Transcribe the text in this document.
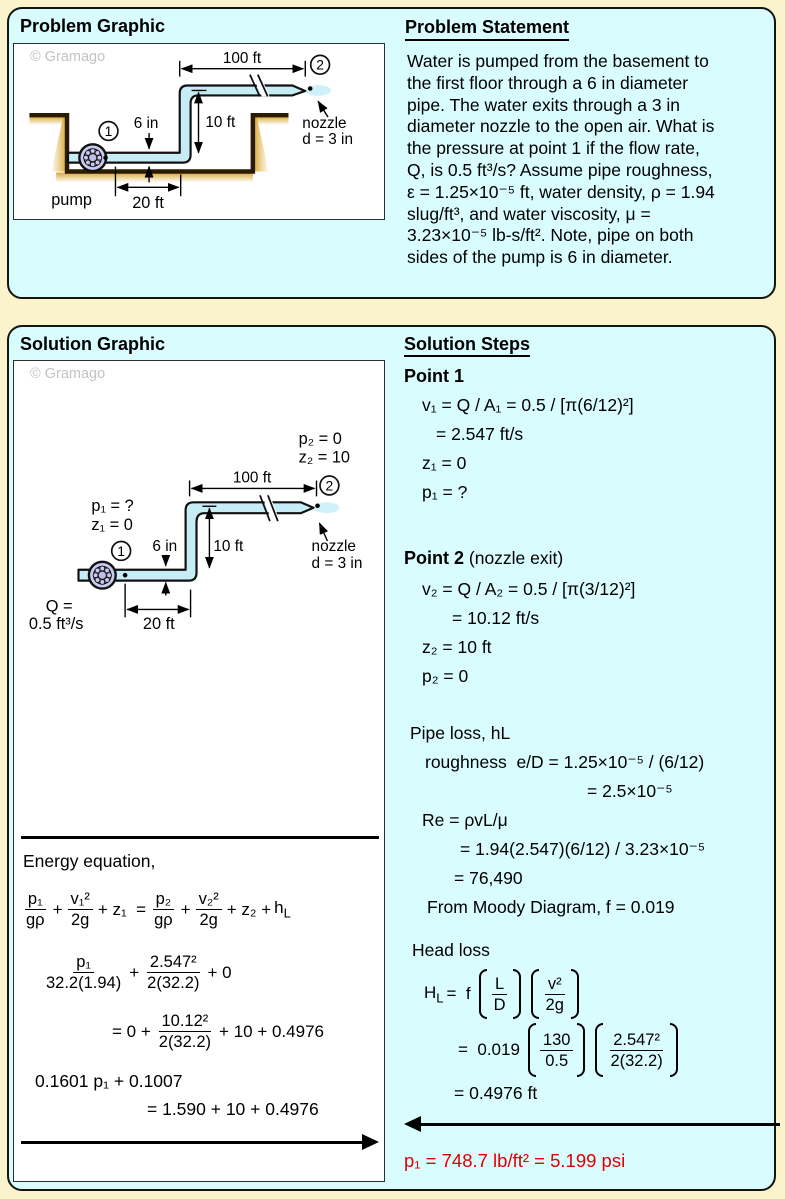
Problem Graphic
© Gramago	2
1
100 ft
6 in	10 ft	nozzle
d = 3 in
pump 20 ft
Problem Statement
Water is pumped from the basement to
the first floor through a 6 in diameter
pipe. The water exits through a 3 in
diameter nozzle to the open air. What is
the pressure at point 1 if the flow rate,
Q, is 0.5 ft³/s? Assume pipe roughness,
ε = 1.25×10⁻⁵ ft, water density, ρ = 1.94
slug/ft³, and water viscosity, μ =
3.23×10⁻⁵ lb-s/ft². Note, pipe on both
sides of the pump is 6 in diameter.
Solution Graphic
© Gramago
2
1
p₂ = 0
z₂ = 10
100 ft
p₁ = ?
z₁ = 0
6 in 10 ft	nozzle
d = 3 in
Q =
0.5 ft³/s	20 ft
Energy equation,
$\frac{\text{p₁}}{g\rho} + \frac{\text{v₁²}}{2g} + z_1 = \frac{\text{p₂}}{g\rho} + \frac{\text{v₂²}}{2g} + z_2 + h_L$
$\frac{\text{p₁}}{32.2(1.94)} + \frac{\text{2.547²}}{2(32.2)} + 0$
= $0 + \frac{\text{10.12²}}{2(32.2)} + 10 + 0.4976$
0.1601 p₁ + 0.1007
= 1.590 + 10 + 0.4976
Solution Steps
Point 1
v₁ = Q / A₁ = 0.5 / [π(6/12)²]
= 2.547 ft/s
z₁ = 0
p₁ = ?
Point 2 (nozzle exit)
v₂ = Q / A₂ = 0.5 / [π(3/12)²]
= 10.12 ft/s
z₂ = 10 ft
p₂ = 0
Pipe loss, hL
roughness  e/D = 1.25×10⁻⁵ / (6/12)
= 2.5×10⁻⁵
Re = ρvL/μ
= 1.94(2.547)(6/12) / 3.23×10⁻⁵
= 76,490
From Moody Diagram, f = 0.019
Head loss
$H_L = f \frac{L}{D} \frac{\text{v²}}{2g}$
=  $0.019 \frac{130}{0.5} \frac{\text{2.547²}}{2(32.2)}$
= 0.4976 ft
p₁ = 748.7 lb/ft² = 5.199 psi
